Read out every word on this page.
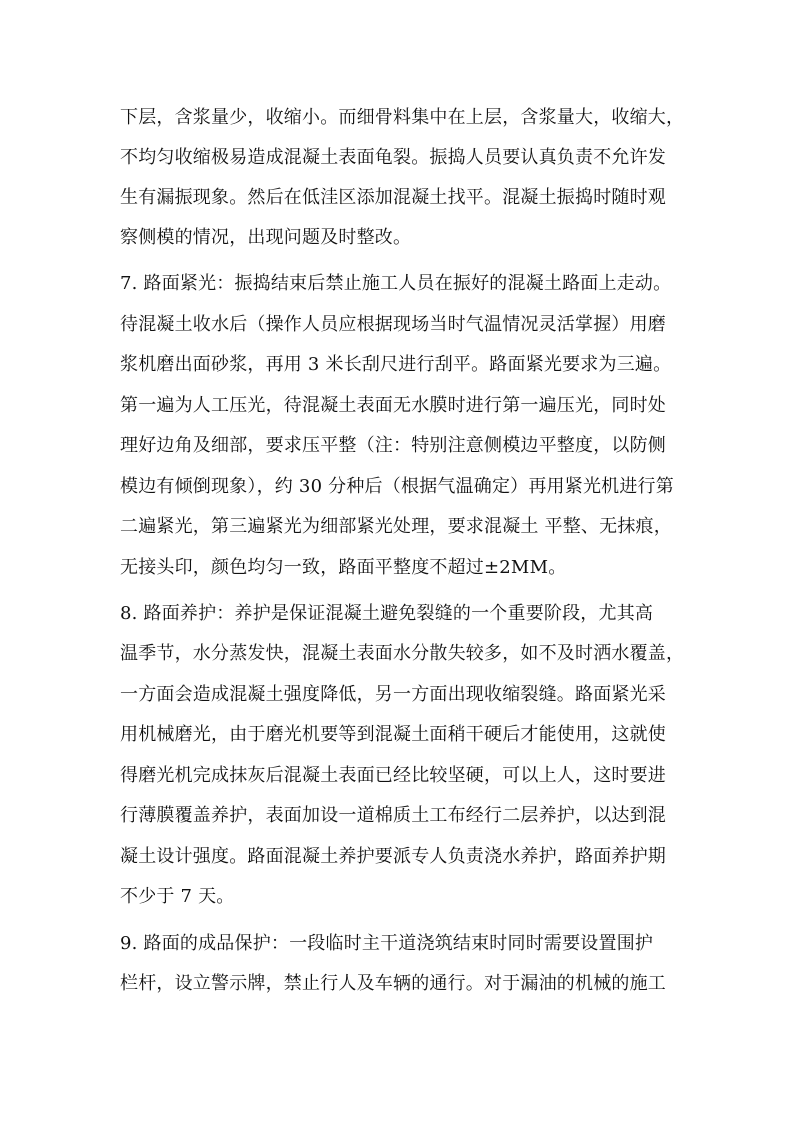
下层，含浆量少，收缩小。而细骨料集中在上层，含浆量大，收缩大，
不均匀收缩极易造成混凝土表面龟裂。振捣人员要认真负责不允许发
生有漏振现象。然后在低洼区添加混凝土找平。混凝土振捣时随时观
察侧模的情况，出现问题及时整改。
7. 路面紧光：振捣结束后禁止施工人员在振好的混凝土路面上走动。
待混凝土收水后（操作人员应根据现场当时气温情况灵活掌握）用磨
浆机磨出面砂浆，再用 3 米长刮尺进行刮平。路面紧光要求为三遍。
第一遍为人工压光，待混凝土表面无水膜时进行第一遍压光，同时处
理好边角及细部，要求压平整（注：特别注意侧模边平整度，以防侧
模边有倾倒现象），约 30 分种后（根据气温确定）再用紧光机进行第
二遍紧光，第三遍紧光为细部紧光处理，要求混凝土 平整、无抹痕，
无接头印，颜色均匀一致，路面平整度不超过±2MM。
8. 路面养护：养护是保证混凝土避免裂缝的一个重要阶段，尤其高
温季节，水分蒸发快，混凝土表面水分散失较多，如不及时洒水覆盖，
一方面会造成混凝土强度降低，另一方面出现收缩裂缝。路面紧光采
用机械磨光，由于磨光机要等到混凝土面稍干硬后才能使用，这就使
得磨光机完成抹灰后混凝土表面已经比较坚硬，可以上人，这时要进
行薄膜覆盖养护，表面加设一道棉质土工布经行二层养护，以达到混
凝土设计强度。路面混凝土养护要派专人负责浇水养护，路面养护期
不少于 7 天。
9. 路面的成品保护：一段临时主干道浇筑结束时同时需要设置围护
栏杆，设立警示牌，禁止行人及车辆的通行。对于漏油的机械的施工
